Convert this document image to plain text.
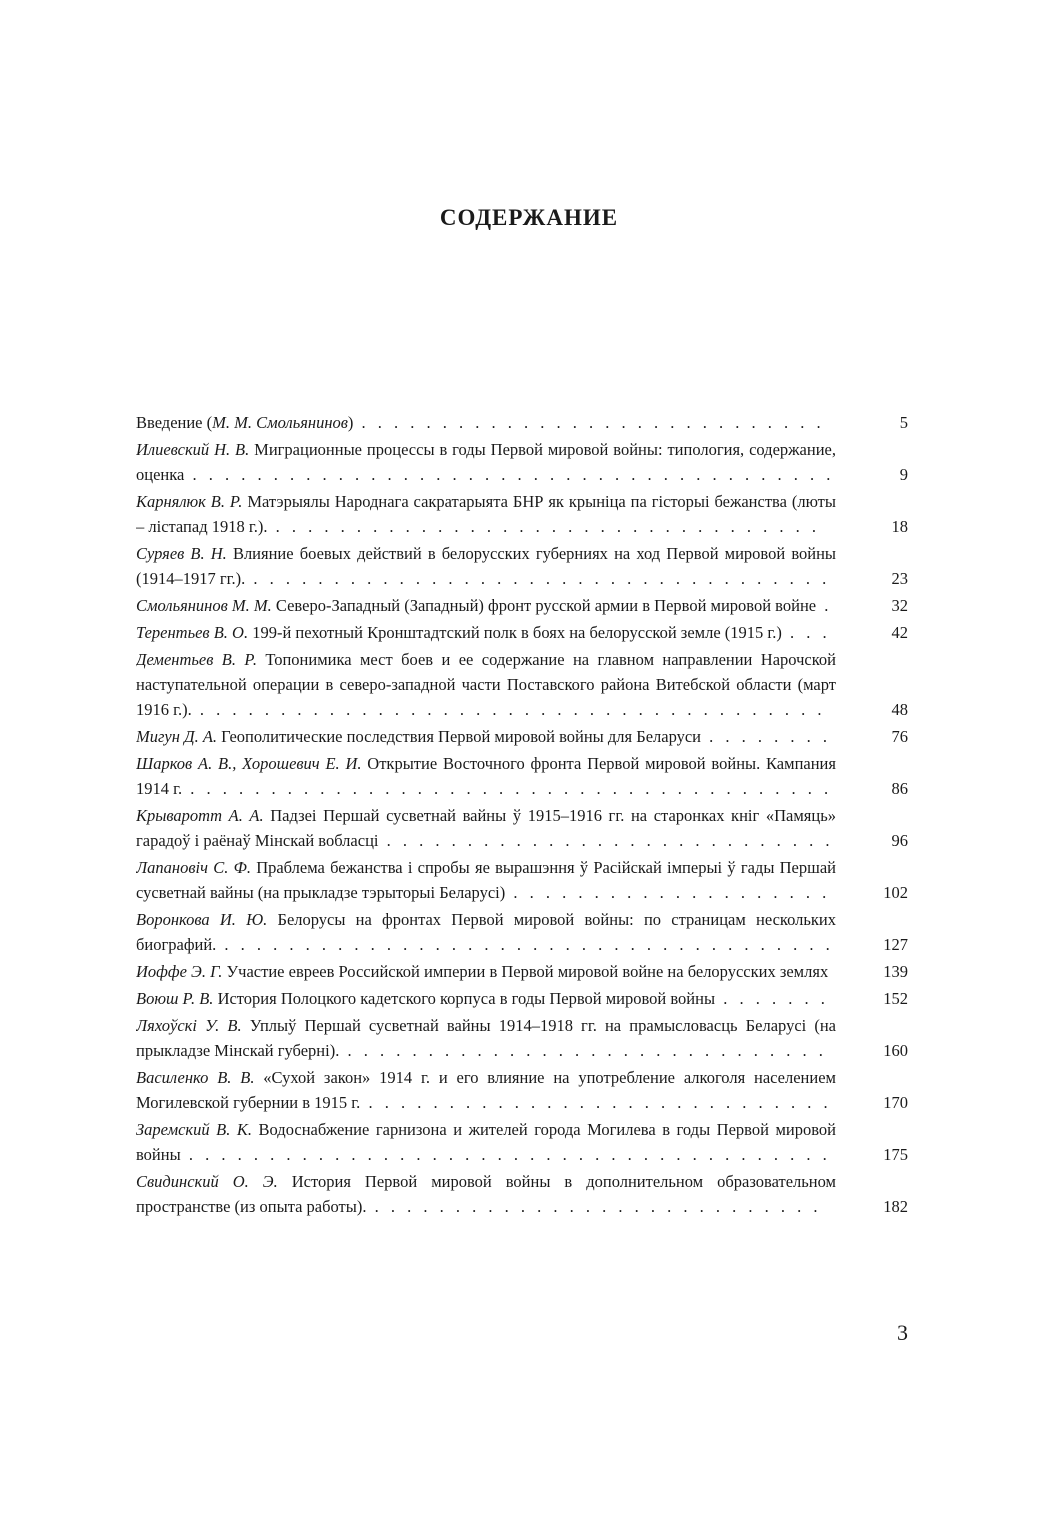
СОДЕРЖАНИЕ
Введение (М. М. Смольянинов) . . . . . . . . . . . . . . . . . . . . . . . . . . . . .	5
Илиевский Н. В. Миграционные процессы в годы Первой мировой войны: типология, содержание, оценка . . . . . . . . . . . . . . . . . . . . . . . . . . . . . . . . . . . . . . . .	9
Карнялюк В. Р. Матэрыялы Народнага сакратарыята БНР як крыніца па гісторыі бежанства (люты – лістапад 1918 г.). . . . . . . . . . . . . . . . . . . . . . . . . . . . . . . . . . .	18
Суряев В. Н. Влияние боевых действий в белорусских губерниях на ход Первой мировой войны (1914–1917 гг.). . . . . . . . . . . . . . . . . . . . . . . . . . . . . . . . . . . . .	23
Смольянинов М. М. Северо-Западный (Западный) фронт русской армии в Первой мировой войне .	32
Терентьев В. О. 199-й пехотный Кронштадтский полк в боях на белорусской земле (1915 г.) . . .	42
Дементьев В. Р. Топонимика мест боев и ее содержание на главном направлении Нарочской наступательной операции в северо-западной части Поставского района Витебской области (март 1916 г.). . . . . . . . . . . . . . . . . . . . . . . . . . . . . . . . . . . . . . . .	48
Мигун Д. А. Геополитические последствия Первой мировой войны для Беларуси . . . . . . . .	76
Шарков А. В., Хорошевич Е. И. Открытие Восточного фронта Первой мировой войны. Кампания 1914 г. . . . . . . . . . . . . . . . . . . . . . . . . . . . . . . . . . . . . . . . .	86
Крываротт А. А. Падзеі Першай сусветнай вайны ў 1915–1916 гг. на старонках кніг «Памяць» гарадоў і раёнаў Мінскай вобласці . . . . . . . . . . . . . . . . . . . . . . . . . . . .	96
Лапановіч С. Ф. Праблема бежанства і спробы яе вырашэння ў Расійскай імперыі ў гады Першай сусветнай вайны (на прыкладзе тэрыторыі Беларусі) . . . . . . . . . . . . . . . . . . . .	102
Воронкова И. Ю. Белорусы на фронтах Первой мировой войны: по страницам нескольких биографий. . . . . . . . . . . . . . . . . . . . . . . . . . . . . . . . . . . . . . .	127
Иоффе Э. Г. Участие евреев Российской империи в Первой мировой войне на белорусских землях	139
Воюш Р. В. История Полоцкого кадетского корпуса в годы Первой мировой войны . . . . . . .	152
Ляхоўскі У. В. Уплыў Першай сусветнай вайны 1914–1918 гг. на прамысловасць Беларусі (на прыкладзе Мінскай губерні). . . . . . . . . . . . . . . . . . . . . . . . . . . . . . .	160
Василенко В. В. «Сухой закон» 1914 г. и его влияние на употребление алкоголя населением Могилевской губернии в 1915 г. . . . . . . . . . . . . . . . . . . . . . . . . . . . . .	170
Заремский В. К. Водоснабжение гарнизона и жителей города Могилева в годы Первой мировой войны . . . . . . . . . . . . . . . . . . . . . . . . . . . . . . . . . . . . . . . .	175
Свидинский О. Э. История Первой мировой войны в дополнительном образовательном пространстве (из опыта работы). . . . . . . . . . . . . . . . . . . . . . . . . . . . .	182
3
